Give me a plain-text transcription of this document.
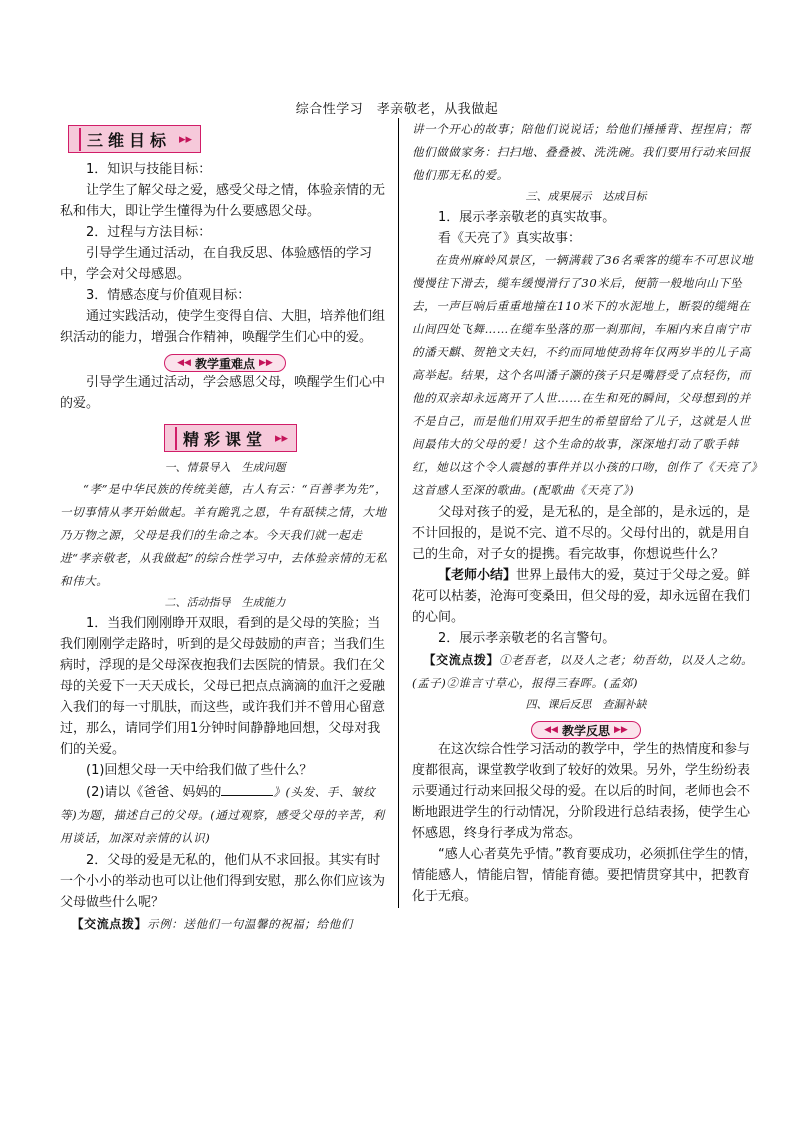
综合性学习　孝亲敬老，从我做起
三维目标 ▸▸

1．知识与技能目标：

让学生了解父母之爱，感受父母之情，体验亲情的无私和伟大，即让学生懂得为什么要感恩父母。

2．过程与方法目标：

引导学生通过活动，在自我反思、体验感悟的学习中，学会对父母感恩。

3．情感态度与价值观目标：

通过实践活动，使学生变得自信、大胆，培养他们组织活动的能力，增强合作精神，唤醒学生们心中的爱。

◀◀ 教学重难点 ▶▶

引导学生通过活动，学会感恩父母，唤醒学生们心中的爱。

精彩课堂 ▸▸

一、情景导入　生成问题

“孝”是中华民族的传统美德，古人有云：“百善孝为先”，一切事情从孝开始做起。羊有跪乳之恩，牛有舐犊之情，大地乃万物之源，父母是我们的生命之本。今天我们就一起走进“孝亲敬老，从我做起”的综合性学习中，去体验亲情的无私和伟大。

二、活动指导　生成能力

1．当我们刚刚睁开双眼，看到的是父母的笑脸；当我们刚刚学走路时，听到的是父母鼓励的声音；当我们生病时，浮现的是父母深夜抱我们去医院的情景。我们在父母的关爱下一天天成长，父母已把点点滴滴的血汗之爱融入我们的每一寸肌肤，而这些，或许我们并不曾用心留意过，那么，请同学们用1分钟时间静静地回想，父母对我们的关爱。

(1)回想父母一天中给我们做了些什么？

(2)请以《爸爸、妈妈的	》(头发、手、皱纹等)为题，描述自己的父母。(通过观察，感受父母的辛苦，利用谈话，加深对亲情的认识)

2．父母的爱是无私的，他们从不求回报。其实有时一个小小的举动也可以让他们得到安慰，那么你们应该为父母做些什么呢？

【交流点拨】示例：送他们一句温馨的祝福；给他们

讲一个开心的故事；陪他们说说话；给他们捶捶背、捏捏肩；帮他们做做家务：扫扫地、叠叠被、洗洗碗。我们要用行动来回报他们那无私的爱。

三、成果展示　达成目标

1．展示孝亲敬老的真实故事。

看《天亮了》真实故事：

在贵州麻岭风景区，一辆满载了36名乘客的缆车不可思议地慢慢往下滑去，缆车缓慢滑行了30米后，便箭一般地向山下坠去，一声巨响后重重地撞在110米下的水泥地上，断裂的缆绳在山间四处飞舞……在缆车坠落的那一刹那间，车厢内来自南宁市的潘天麒、贺艳文夫妇，不约而同地使劲将年仅两岁半的儿子高高举起。结果，这个名叫潘子灏的孩子只是嘴唇受了点轻伤，而他的双亲却永远离开了人世……在生和死的瞬间，父母想到的并不是自己，而是他们用双手把生的希望留给了儿子，这就是人世间最伟大的父母的爱！这个生命的故事，深深地打动了歌手韩红，她以这个令人震撼的事件并以小孩的口吻，创作了《天亮了》这首感人至深的歌曲。(配歌曲《天亮了》)

父母对孩子的爱，是无私的，是全部的，是永远的，是不计回报的，是说不完、道不尽的。父母付出的，就是用自己的生命，对子女的提携。看完故事，你想说些什么？

【老师小结】世界上最伟大的爱，莫过于父母之爱。鲜花可以枯萎，沧海可变桑田，但父母的爱，却永远留在我们的心间。

2．展示孝亲敬老的名言警句。

【交流点拨】①老吾老，以及人之老；幼吾幼，以及人之幼。(孟子)②谁言寸草心，报得三春晖。(孟郊)

四、课后反思　查漏补缺

◀◀ 教学反思 ▶▶

在这次综合性学习活动的教学中，学生的热情度和参与度都很高，课堂教学收到了较好的效果。另外，学生纷纷表示要通过行动来回报父母的爱。在以后的时间，老师也会不断地跟进学生的行动情况，分阶段进行总结表扬，使学生心怀感恩，终身行孝成为常态。

“感人心者莫先乎情。”教育要成功，必须抓住学生的情，情能感人，情能启智，情能育德。要把情贯穿其中，把教育化于无痕。
